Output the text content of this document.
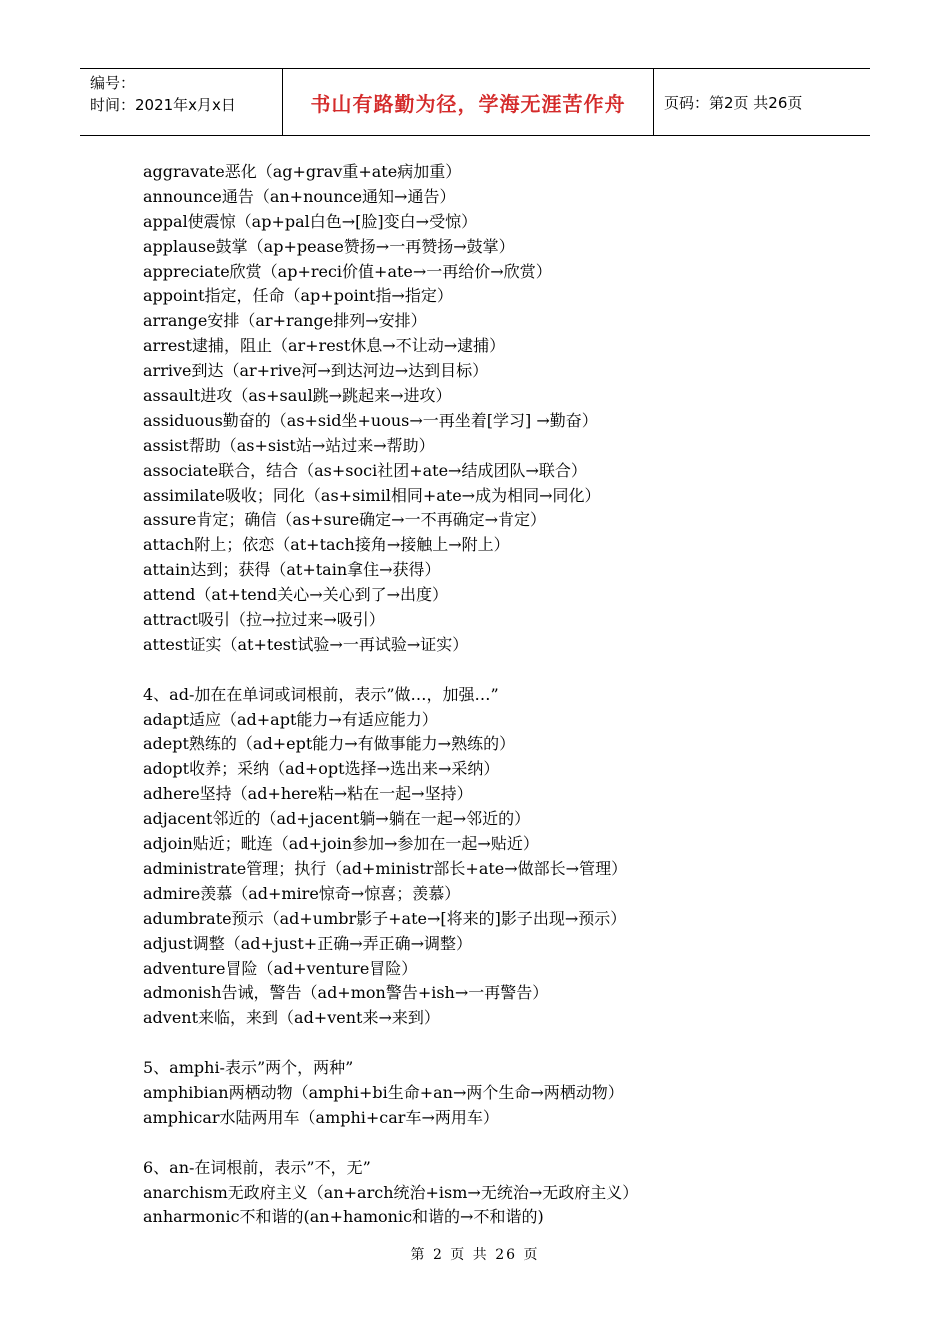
编号：
时间：2021年x月x日	书山有路勤为径，学海无涯苦作舟	页码：第2页 共26页
aggravate恶化（ag+grav重+ate病加重）
announce通告（an+nounce通知→通告）
appal使震惊（ap+pal白色→[脸]变白→受惊）
applause鼓掌（ap+pease赞扬→一再赞扬→鼓掌）
appreciate欣赏（ap+reci价值+ate→一再给价→欣赏）
appoint指定，任命（ap+point指→指定）
arrange安排（ar+range排列→安排）
arrest逮捕，阻止（ar+rest休息→不让动→逮捕）
arrive到达（ar+rive河→到达河边→达到目标）
assault进攻（as+saul跳→跳起来→进攻）
assiduous勤奋的（as+sid坐+uous→一再坐着[学习] →勤奋）
assist帮助（as+sist站→站过来→帮助）
associate联合，结合（as+soci社团+ate→结成团队→联合）
assimilate吸收；同化（as+simil相同+ate→成为相同→同化）
assure肯定；确信（as+sure确定→一不再确定→肯定）
attach附上；依恋（at+tach接角→接触上→附上）
attain达到；获得（at+tain拿住→获得）
attend（at+tend关心→关心到了→出度）
attract吸引（拉→拉过来→吸引）
attest证实（at+test试验→一再试验→证实）
4、ad-加在在单词或词根前，表示”做…，加强…”
adapt适应（ad+apt能力→有适应能力）
adept熟练的（ad+ept能力→有做事能力→熟练的）
adopt收养；采纳（ad+opt选择→选出来→采纳）
adhere坚持（ad+here粘→粘在一起→坚持）
adjacent邻近的（ad+jacent躺→躺在一起→邻近的）
adjoin贴近；毗连（ad+join参加→参加在一起→贴近）
administrate管理；执行（ad+ministr部长+ate→做部长→管理）
admire羡慕（ad+mire惊奇→惊喜；羡慕）
adumbrate预示（ad+umbr影子+ate→[将来的]影子出现→预示）
adjust调整（ad+just+正确→弄正确→调整）
adventure冒险（ad+venture冒险）
admonish告诫，警告（ad+mon警告+ish→一再警告）
advent来临，来到（ad+vent来→来到）
5、amphi-表示”两个，两种”
amphibian两栖动物（amphi+bi生命+an→两个生命→两栖动物）
amphicar水陆两用车（amphi+car车→两用车）
6、an-在词根前，表示”不，无”
anarchism无政府主义（an+arch统治+ism→无统治→无政府主义）
anharmonic不和谐的(an+hamonic和谐的→不和谐的)
第 2 页 共 26 页
